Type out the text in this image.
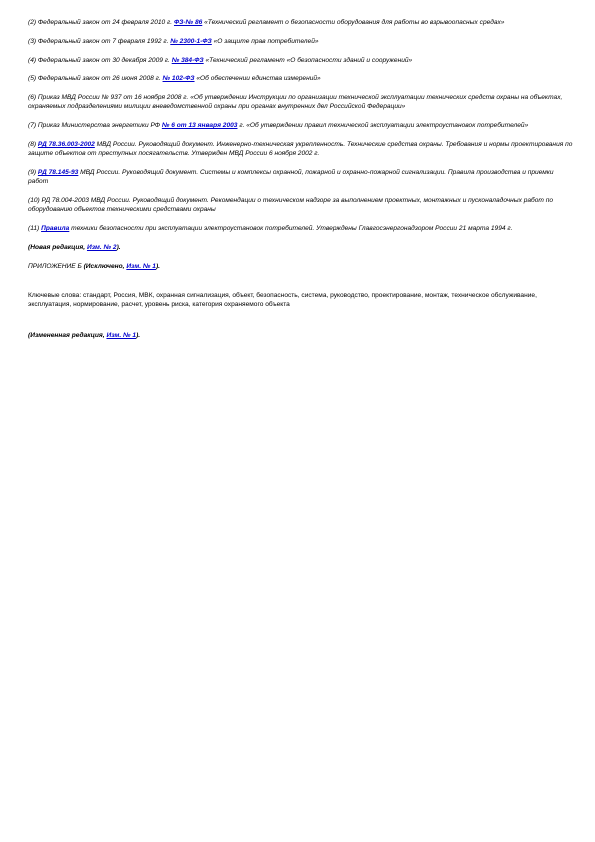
(2) Федеральный закон от 24 февраля 2010 г. ФЗ-№ 86 «Технический регламент о безопасности оборудования для работы во взрывоопасных средах»

(3) Федеральный закон от 7 февраля 1992 г. № 2300-1-ФЗ «О защите прав потребителей»

(4) Федеральный закон от 30 декабря 2009 г. № 384-ФЗ «Технический регламент «О безопасности зданий и сооружений»

(5) Федеральный закон от 26 июня 2008 г. № 102-ФЗ «Об обеспечении единства измерений»

(6) Приказ МВД России № 937 от 16 ноября 2008 г. «Об утверждении Инструкции по организации технической эксплуатации технических средств охраны на объектах, охраняемых подразделениями милиции вневедомственной охраны при органах внутренних дел Российской Федерации»

(7) Приказ Министерства энергетики РФ № 6 от 13 января 2003 г. «Об утверждении правил технической эксплуатации электроустановок потребителей»

(8) РД 78.36.003-2002 МВД России. Руководящий документ. Инженерно-техническая укрепленность. Технические средства охраны. Требования и нормы проектирования по защите объектов от преступных посягательств. Утвержден МВД России 6 ноября 2002 г.

(9) РД 78.145-93 МВД России. Руководящий документ. Системы и комплексы охранной, пожарной и охранно-пожарной сигнализации. Правила производства и приемки работ

(10) РД 78.004-2003 МВД России. Руководящий документ. Рекомендации о техническом надзоре за выполнением проектных, монтажных и пусконаладочных работ по оборудованию объектов техническими средствами охраны

(11) Правила техники безопасности при эксплуатации электроустановок потребителей. Утверждены Главгосэнергонадзором России 21 марта 1994 г.

(Новая редакция, Изм. № 2).

ПРИЛОЖЕНИЕ Б (Исключено, Изм. № 1).

Ключевые слова: стандарт, Россия, МВК, охранная сигнализация, объект, безопасность, система, руководство, проектирование, монтаж, техническое обслуживание, эксплуатация, нормирование, расчет, уровень риска, категория охраняемого объекта

(Измененная редакция, Изм. № 1).
